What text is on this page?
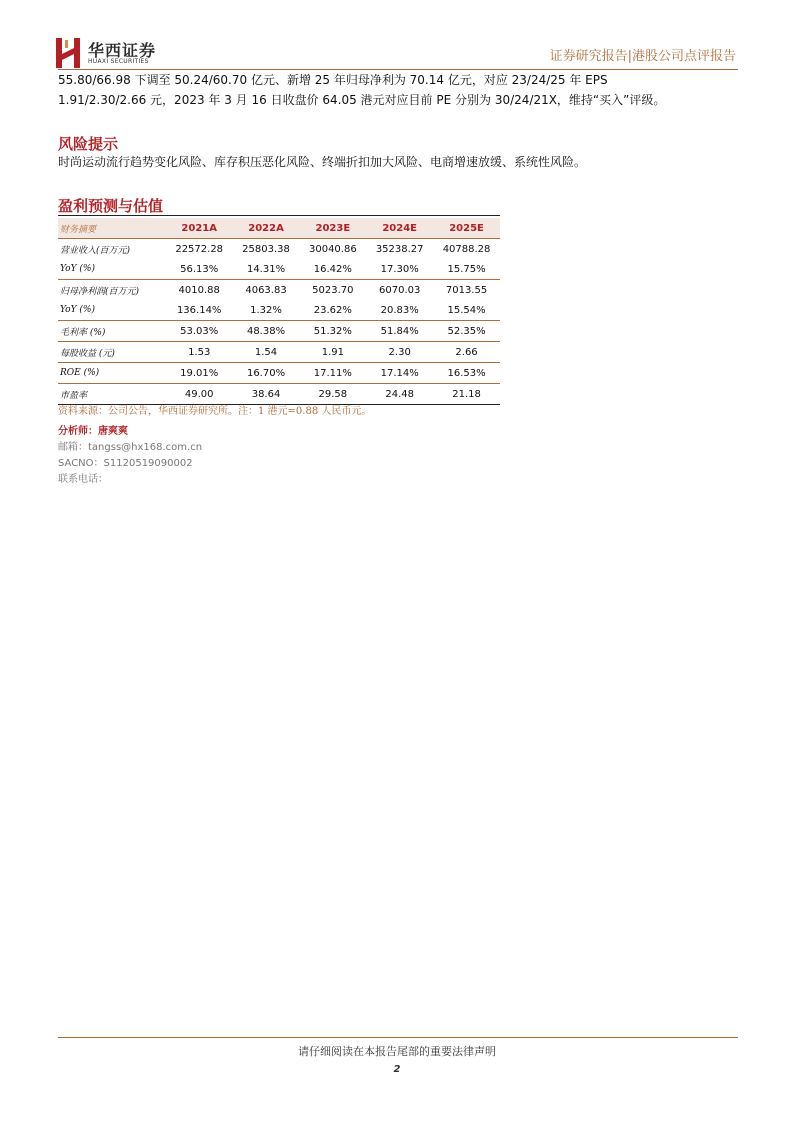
华西证券
HUAXI SECURITIES	证券研究报告|港股公司点评报告
55.80/66.98 下调至 50.24/60.70 亿元、新增 25 年归母净利为 70.14 亿元，对应 23/24/25 年 EPS
1.91/2.30/2.66 元，2023 年 3 月 16 日收盘价 64.05 港元对应目前 PE 分别为 30/24/21X，维持“买入”评级。
风险提示
时尚运动流行趋势变化风险、库存积压恶化风险、终端折扣加大风险、电商增速放缓、系统性风险。
盈利预测与估值
财务摘要	2021A	2022A	2023E	2024E	2025E
营业收入(百万元)	22572.28	25803.38	30040.86	35238.27	40788.28
YoY (%)	56.13%	14.31%	16.42%	17.30%	15.75%
归母净利润(百万元)	4010.88	4063.83	5023.70	6070.03	7013.55
YoY (%)	136.14%	1.32%	23.62%	20.83%	15.54%
毛利率 (%)	53.03%	48.38%	51.32%	51.84%	52.35%
每股收益 (元)	1.53	1.54	1.91	2.30	2.66
ROE (%)	19.01%	16.70%	17.11%	17.14%	16.53%
市盈率	49.00	38.64	29.58	24.48	21.18
资料来源：公司公告，华西证券研究所。注：1 港元=0.88 人民币元。
分析师：唐爽爽
邮箱：tangss@hx168.com.cn
SACNO：S1120519090002
联系电话：
请仔细阅读在本报告尾部的重要法律声明
2
